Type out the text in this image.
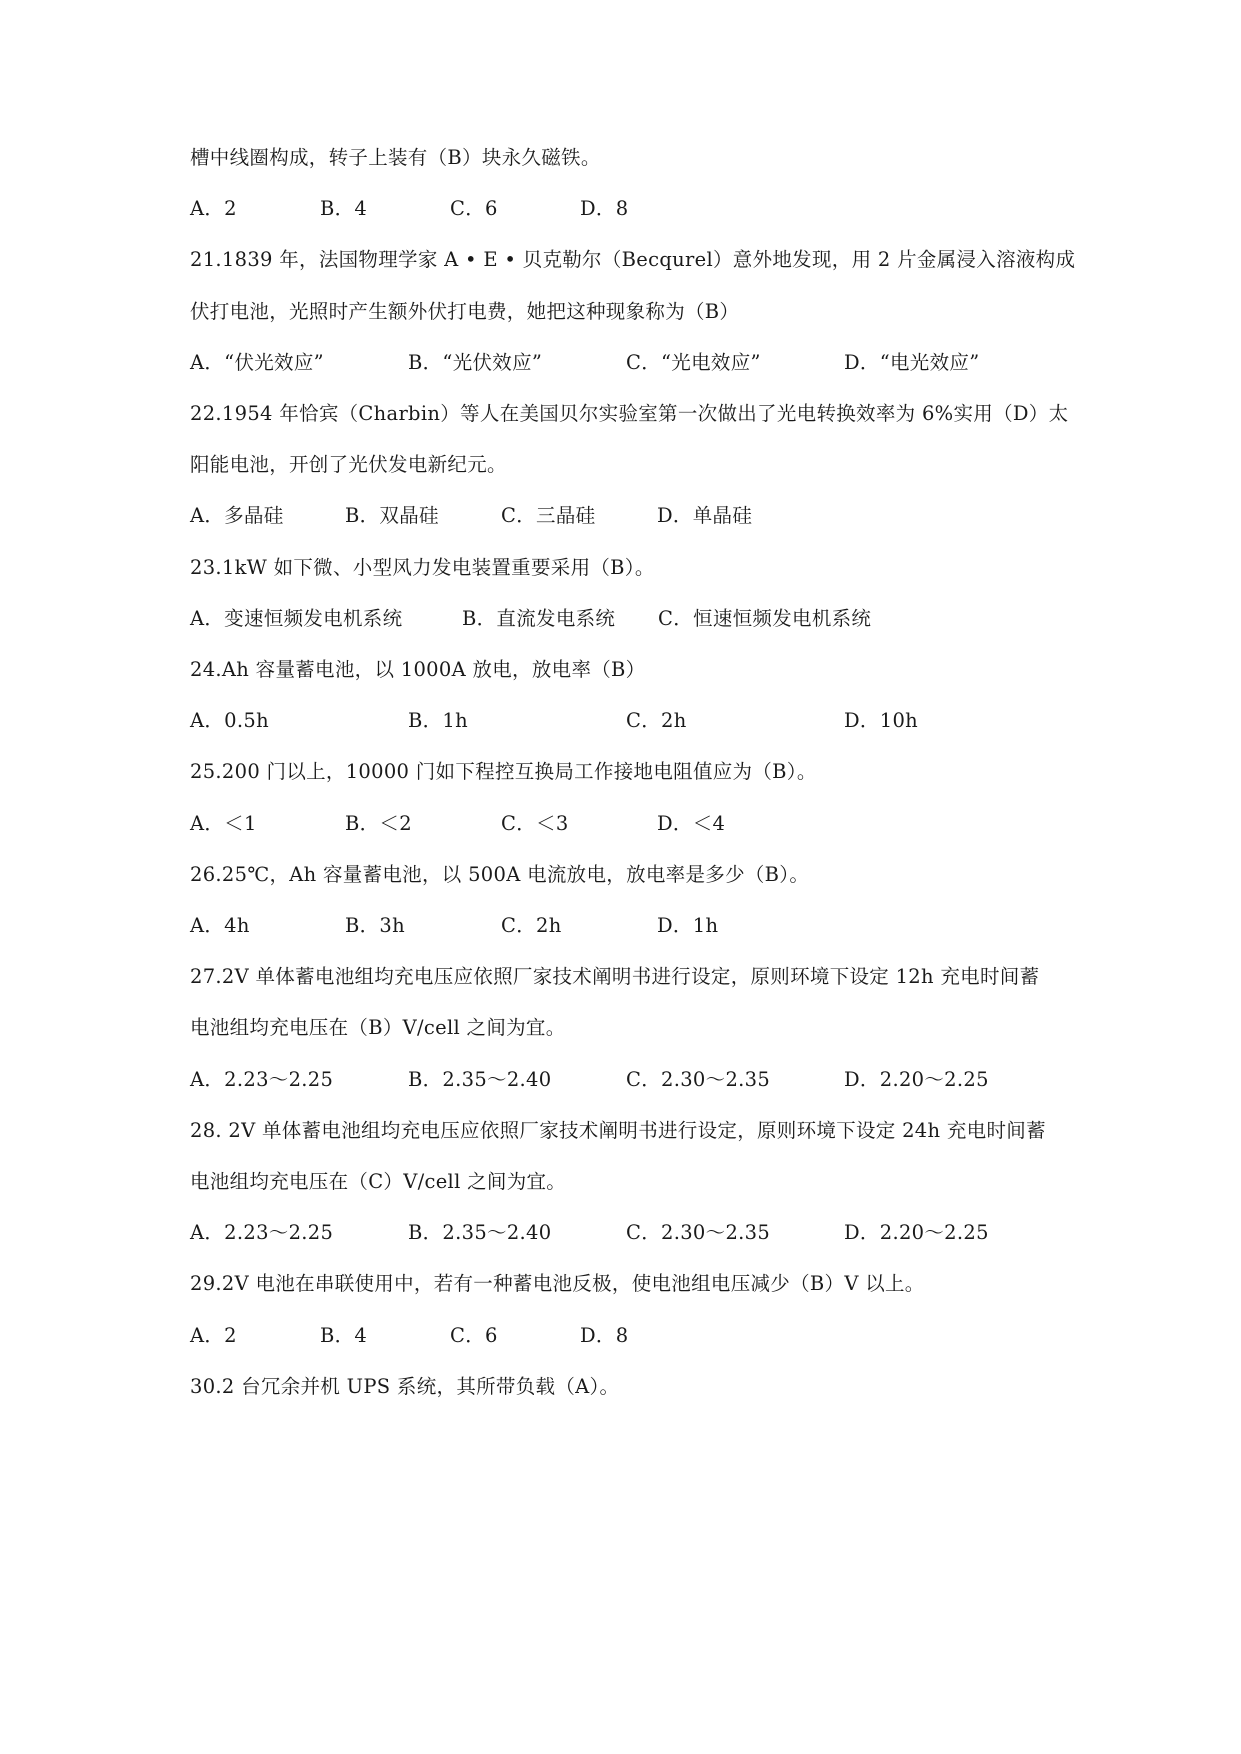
槽中线圈构成，转子上装有（B）块永久磁铁。
A．2	B．4	C．6	D．8
21.1839 年，法国物理学家 A • E • 贝克勒尔（Becqurel）意外地发现，用 2 片金属浸入溶液构成
伏打电池，光照时产生额外伏打电费，她把这种现象称为（B）
A．“伏光效应”	B．“光伏效应”	C．“光电效应”	D．“电光效应”
22.1954 年恰宾（Charbin）等人在美国贝尔实验室第一次做出了光电转换效率为 6%实用（D）太
阳能电池，开创了光伏发电新纪元。
A．多晶硅	B．双晶硅	C．三晶硅	D．单晶硅
23.1kW 如下微、小型风力发电装置重要采用（B）。
A．变速恒频发电机系统	B．直流发电系统 C．恒速恒频发电机系统
24.Ah 容量蓄电池，以 1000A 放电，放电率（B）
A．0.5h	B．1h	C．2h	D．10h
25.200 门以上，10000 门如下程控互换局工作接地电阻值应为（B）。
A．＜1	B．＜2	C．＜3	D．＜4
26.25℃，Ah 容量蓄电池，以 500A 电流放电，放电率是多少（B）。
A．4h	B．3h	C．2h	D．1h
27.2V 单体蓄电池组均充电压应依照厂家技术阐明书进行设定，原则环境下设定 12h 充电时间蓄
电池组均充电压在（B）V/cell 之间为宜。
A．2.23～2.25	B．2.35～2.40	C．2.30～2.35	D．2.20～2.25
28. 2V 单体蓄电池组均充电压应依照厂家技术阐明书进行设定，原则环境下设定 24h 充电时间蓄
电池组均充电压在（C）V/cell 之间为宜。
A．2.23～2.25	B．2.35～2.40	C．2.30～2.35	D．2.20～2.25
29.2V 电池在串联使用中，若有一种蓄电池反极，使电池组电压减少（B）V 以上。
A．2	B．4	C．6	D．8
30.2 台冗余并机 UPS 系统，其所带负载（A）。
